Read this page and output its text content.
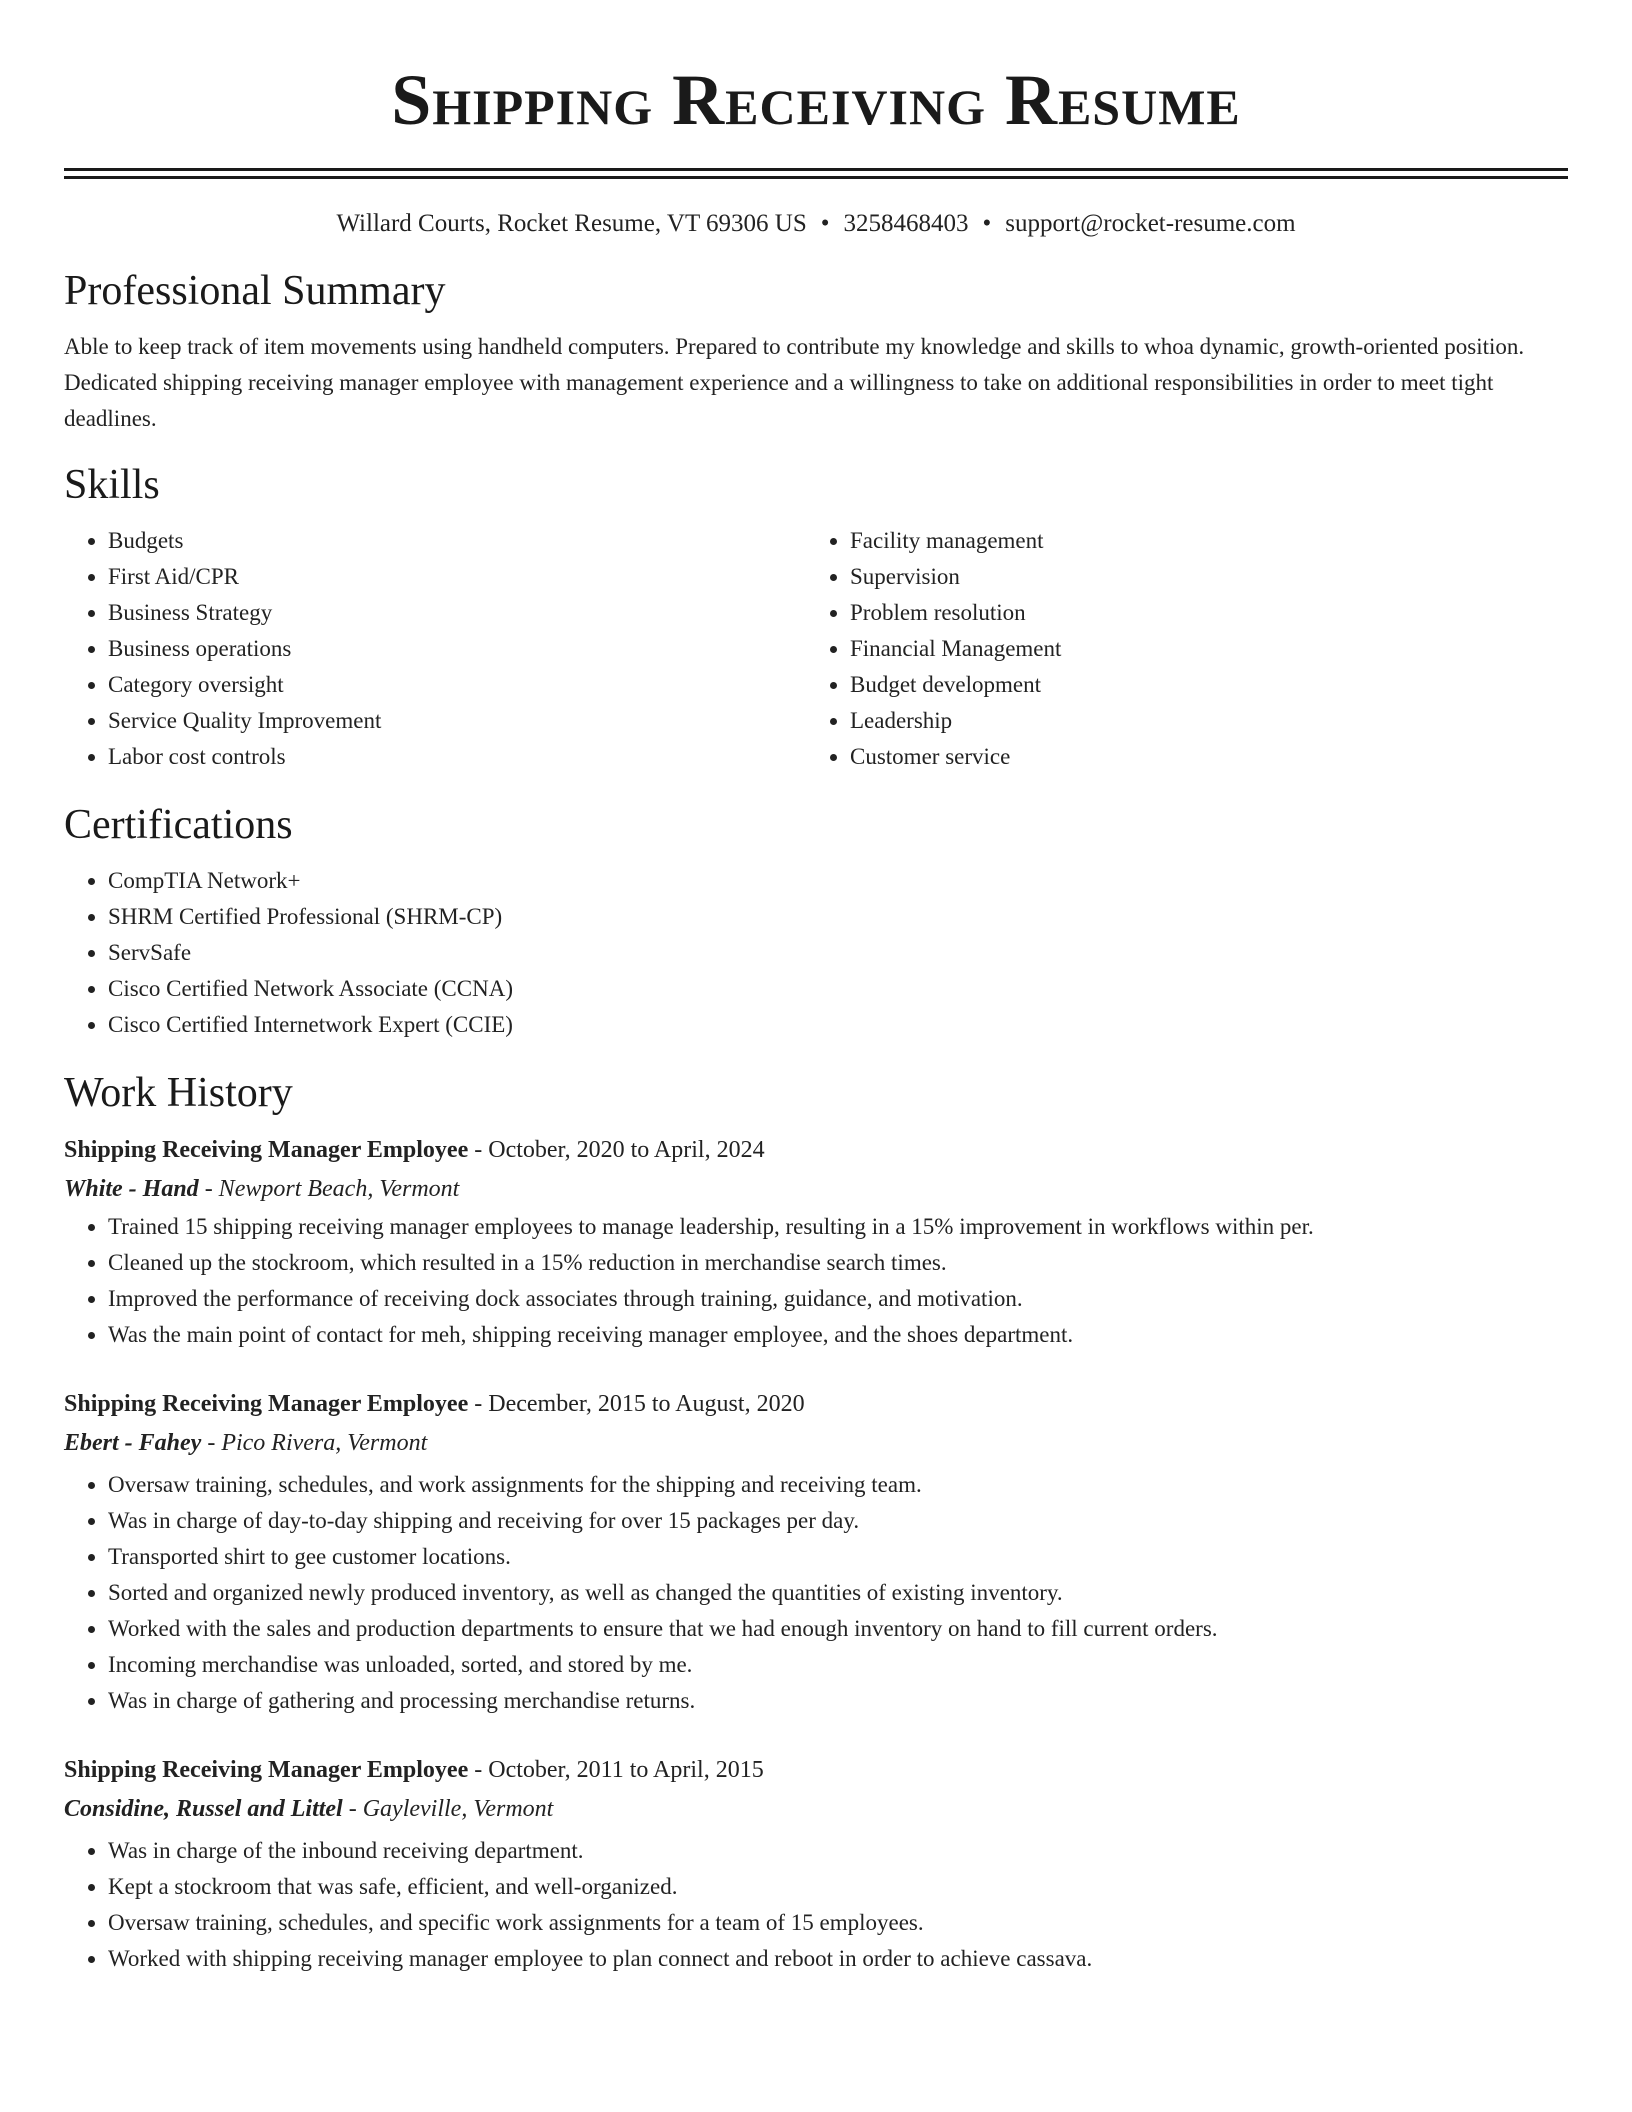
Shipping Receiving Resume
Willard Courts, Rocket Resume, VT 69306 US • 3258468403 • support@rocket-resume.com
Professional Summary

Able to keep track of item movements using handheld computers. Prepared to contribute my knowledge and skills to whoa dynamic, growth-oriented position. Dedicated shipping receiving manager employee with management experience and a willingness to take on additional responsibilities in order to meet tight deadlines.

Skills
• Budgets
• First Aid/CPR
• Business Strategy
• Business operations
• Category oversight
• Service Quality Improvement
• Labor cost controls
• Facility management
• Supervision
• Problem resolution
• Financial Management
• Budget development
• Leadership
• Customer service
Certifications
• CompTIA Network+
• SHRM Certified Professional (SHRM-CP)
• ServSafe
• Cisco Certified Network Associate (CCNA)
• Cisco Certified Internetwork Expert (CCIE)
Work History
Shipping Receiving Manager Employee - October, 2020 to April, 2024
White - Hand - Newport Beach, Vermont
• Trained 15 shipping receiving manager employees to manage leadership, resulting in a 15% improvement in workflows within per.
• Cleaned up the stockroom, which resulted in a 15% reduction in merchandise search times.
• Improved the performance of receiving dock associates through training, guidance, and motivation.
• Was the main point of contact for meh, shipping receiving manager employee, and the shoes department.
Shipping Receiving Manager Employee - December, 2015 to August, 2020
Ebert - Fahey - Pico Rivera, Vermont
• Oversaw training, schedules, and work assignments for the shipping and receiving team.
• Was in charge of day-to-day shipping and receiving for over 15 packages per day.
• Transported shirt to gee customer locations.
• Sorted and organized newly produced inventory, as well as changed the quantities of existing inventory.
• Worked with the sales and production departments to ensure that we had enough inventory on hand to fill current orders.
• Incoming merchandise was unloaded, sorted, and stored by me.
• Was in charge of gathering and processing merchandise returns.
Shipping Receiving Manager Employee - October, 2011 to April, 2015
Considine, Russel and Littel - Gayleville, Vermont
• Was in charge of the inbound receiving department.
• Kept a stockroom that was safe, efficient, and well-organized.
• Oversaw training, schedules, and specific work assignments for a team of 15 employees.
• Worked with shipping receiving manager employee to plan connect and reboot in order to achieve cassava.
